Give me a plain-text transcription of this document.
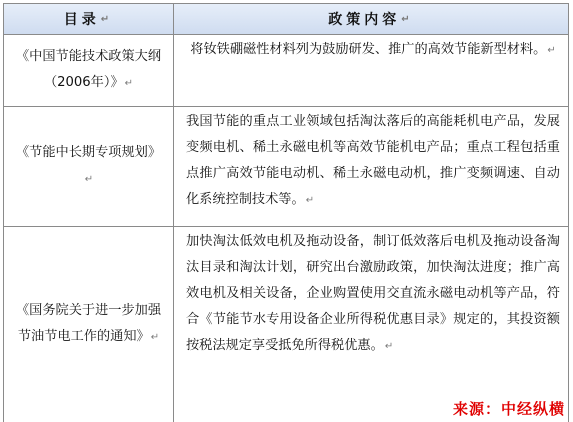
目录 ↵	政策内容 ↵
《中国节能技术政策大纲（2006年）》↵
将钕铁硼磁性材料列为鼓励研发、推广的高效节能新型材料。↵
《节能中长期专项规划》↵
我国节能的重点工业领域包括淘汰落后的高能耗机电产品，发展变频电机、稀土永磁电机等高效节能机电产品；重点工程包括重点推广高效节能电动机、稀土永磁电动机，推广变频调速、自动化系统控制技术等。↵
《国务院关于进一步加强节油节电工作的通知》↵
加快淘汰低效电机及拖动设备，制订低效落后电机及拖动设备淘汰目录和淘汰计划，研究出台激励政策，加快淘汰进度；推广高效电机及相关设备，企业购置使用交直流永磁电动机等产品，符合《节能节水专用设备企业所得税优惠目录》规定的，其投资额按税法规定享受抵免所得税优惠。↵
来源：中经纵横
